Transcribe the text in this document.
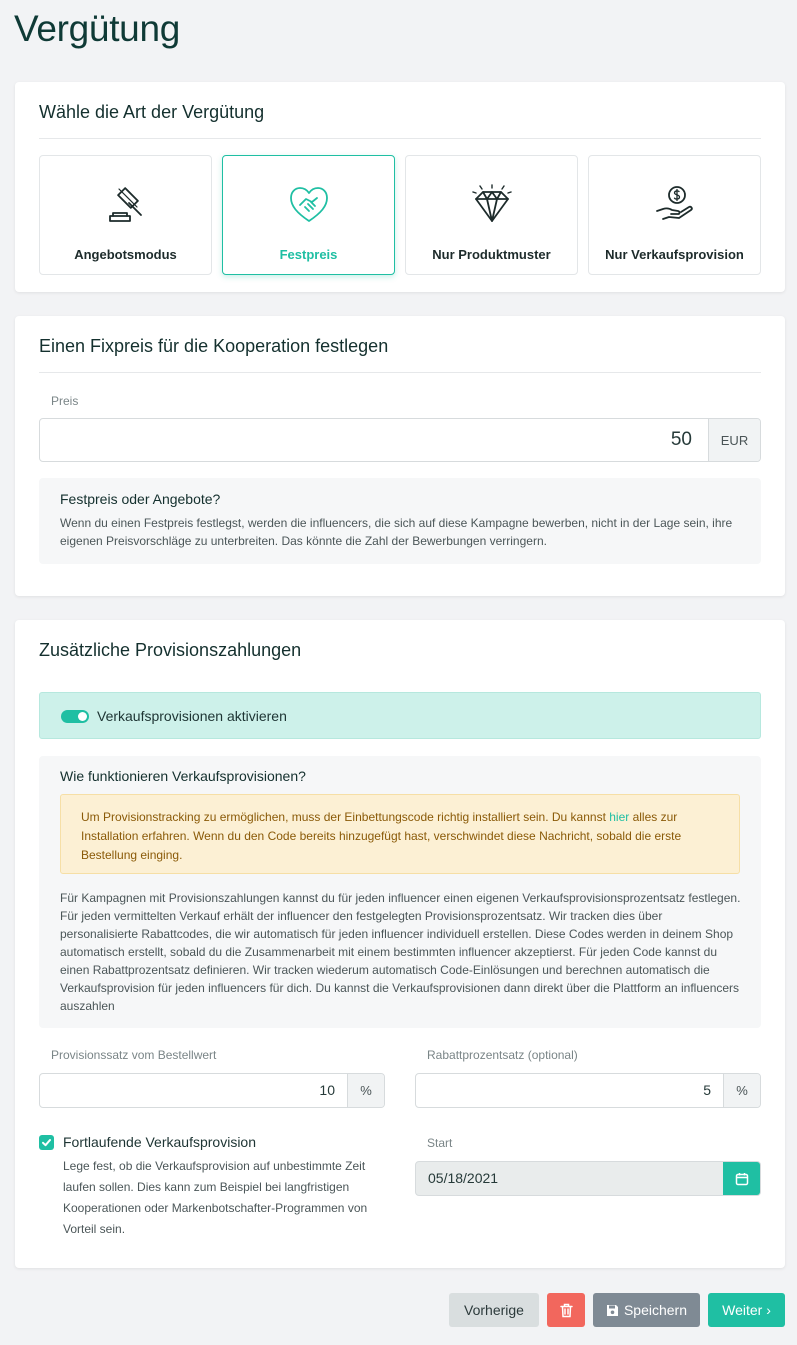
Vergütung
Wähle die Art der Vergütung
Angebotsmodus	Festpreis	Nur Produktmuster	Nur Verkaufsprovision
Einen Fixpreis für die Kooperation festlegen
Preis
50	EUR
Festpreis oder Angebote?
Wenn du einen Festpreis festlegst, werden die influencers, die sich auf diese Kampagne bewerben, nicht in der Lage sein, ihre eigenen Preisvorschläge zu unterbreiten. Das könnte die Zahl der Bewerbungen verringern.
Zusätzliche Provisionszahlungen
Verkaufsprovisionen aktivieren
Wie funktionieren Verkaufsprovisionen?
Um Provisionstracking zu ermöglichen, muss der Einbettungscode richtig installiert sein. Du kannst hier alles zur Installation erfahren. Wenn du den Code bereits hinzugefügt hast, verschwindet diese Nachricht, sobald die erste Bestellung einging.
Für Kampagnen mit Provisionszahlungen kannst du für jeden influencer einen eigenen Verkaufsprovisionsprozentsatz festlegen. Für jeden vermittelten Verkauf erhält der influencer den festgelegten Provisionsprozentsatz. Wir tracken dies über personalisierte Rabattcodes, die wir automatisch für jeden influencer individuell erstellen. Diese Codes werden in deinem Shop automatisch erstellt, sobald du die Zusammenarbeit mit einem bestimmten influencer akzeptierst. Für jeden Code kannst du einen Rabattprozentsatz definieren. Wir tracken wiederum automatisch Code-Einlösungen und berechnen automatisch die Verkaufsprovision für jeden influencers für dich. Du kannst die Verkaufsprovisionen dann direkt über die Plattform an influencers auszahlen
Provisionssatz vom Bestellwert
10	%
Rabattprozentsatz (optional)
5	%
Fortlaufende Verkaufsprovision
Lege fest, ob die Verkaufsprovision auf unbestimmte Zeit laufen sollen. Dies kann zum Beispiel bei langfristigen Kooperationen oder Markenbotschafter-Programmen von Vorteil sein.
Start
05/18/2021
Vorherige	Speichern	Weiter ›
